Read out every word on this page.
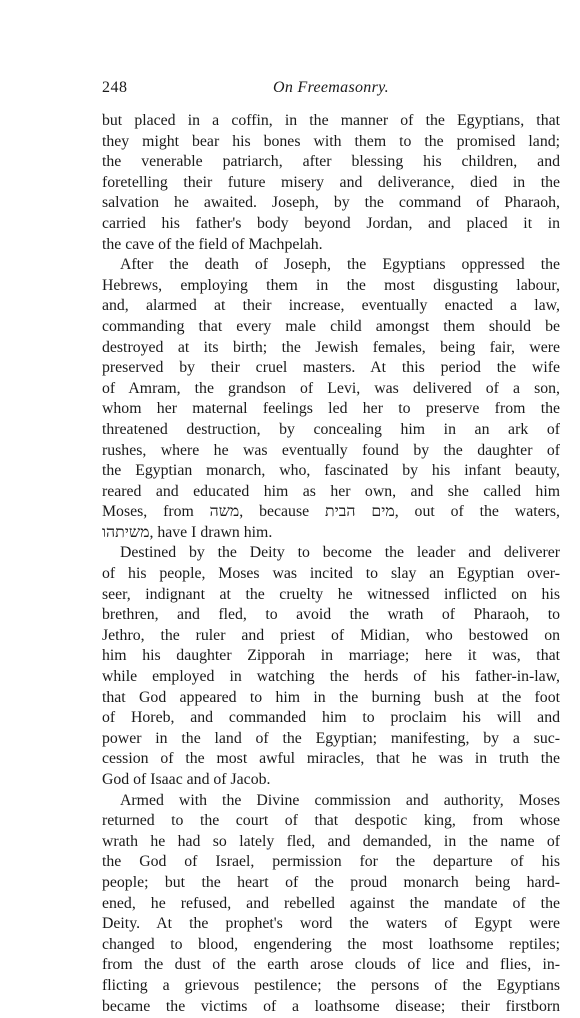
248	On Freemasonry.
but placed in a coffin, in the manner of the Egyptians, that
they might bear his bones with them to the promised land;
the venerable patriarch, after blessing his children, and
foretelling their future misery and deliverance, died in the
salvation he awaited. Joseph, by the command of Pharaoh,
carried his father's body beyond Jordan, and placed it in
the cave of the field of Machpelah.
After the death of Joseph, the Egyptians oppressed the
Hebrews, employing them in the most disgusting labour,
and, alarmed at their increase, eventually enacted a law,
commanding that every male child amongst them should be
destroyed at its birth; the Jewish females, being fair, were
preserved by their cruel masters. At this period the wife
of Amram, the grandson of Levi, was delivered of a son,
whom her maternal feelings led her to preserve from the
threatened destruction, by concealing him in an ark of
rushes, where he was eventually found by the daughter of
the Egyptian monarch, who, fascinated by his infant beauty,
reared and educated him as her own, and she called him
Moses, from משה, because מים הבית, out of the waters,
משיתהו, have I drawn him.
Destined by the Deity to become the leader and deliverer
of his people, Moses was incited to slay an Egyptian over-
seer, indignant at the cruelty he witnessed inflicted on his
brethren, and fled, to avoid the wrath of Pharaoh, to
Jethro, the ruler and priest of Midian, who bestowed on
him his daughter Zipporah in marriage; here it was, that
while employed in watching the herds of his father-in-law,
that God appeared to him in the burning bush at the foot
of Horeb, and commanded him to proclaim his will and
power in the land of the Egyptian; manifesting, by a suc-
cession of the most awful miracles, that he was in truth the
God of Isaac and of Jacob.
Armed with the Divine commission and authority, Moses
returned to the court of that despotic king, from whose
wrath he had so lately fled, and demanded, in the name of
the God of Israel, permission for the departure of his
people; but the heart of the proud monarch being hard-
ened, he refused, and rebelled against the mandate of the
Deity. At the prophet's word the waters of Egypt were
changed to blood, engendering the most loathsome reptiles;
from the dust of the earth arose clouds of lice and flies, in-
flicting a grievous pestilence; the persons of the Egyptians
became the victims of a loathsome disease; their firstborn
